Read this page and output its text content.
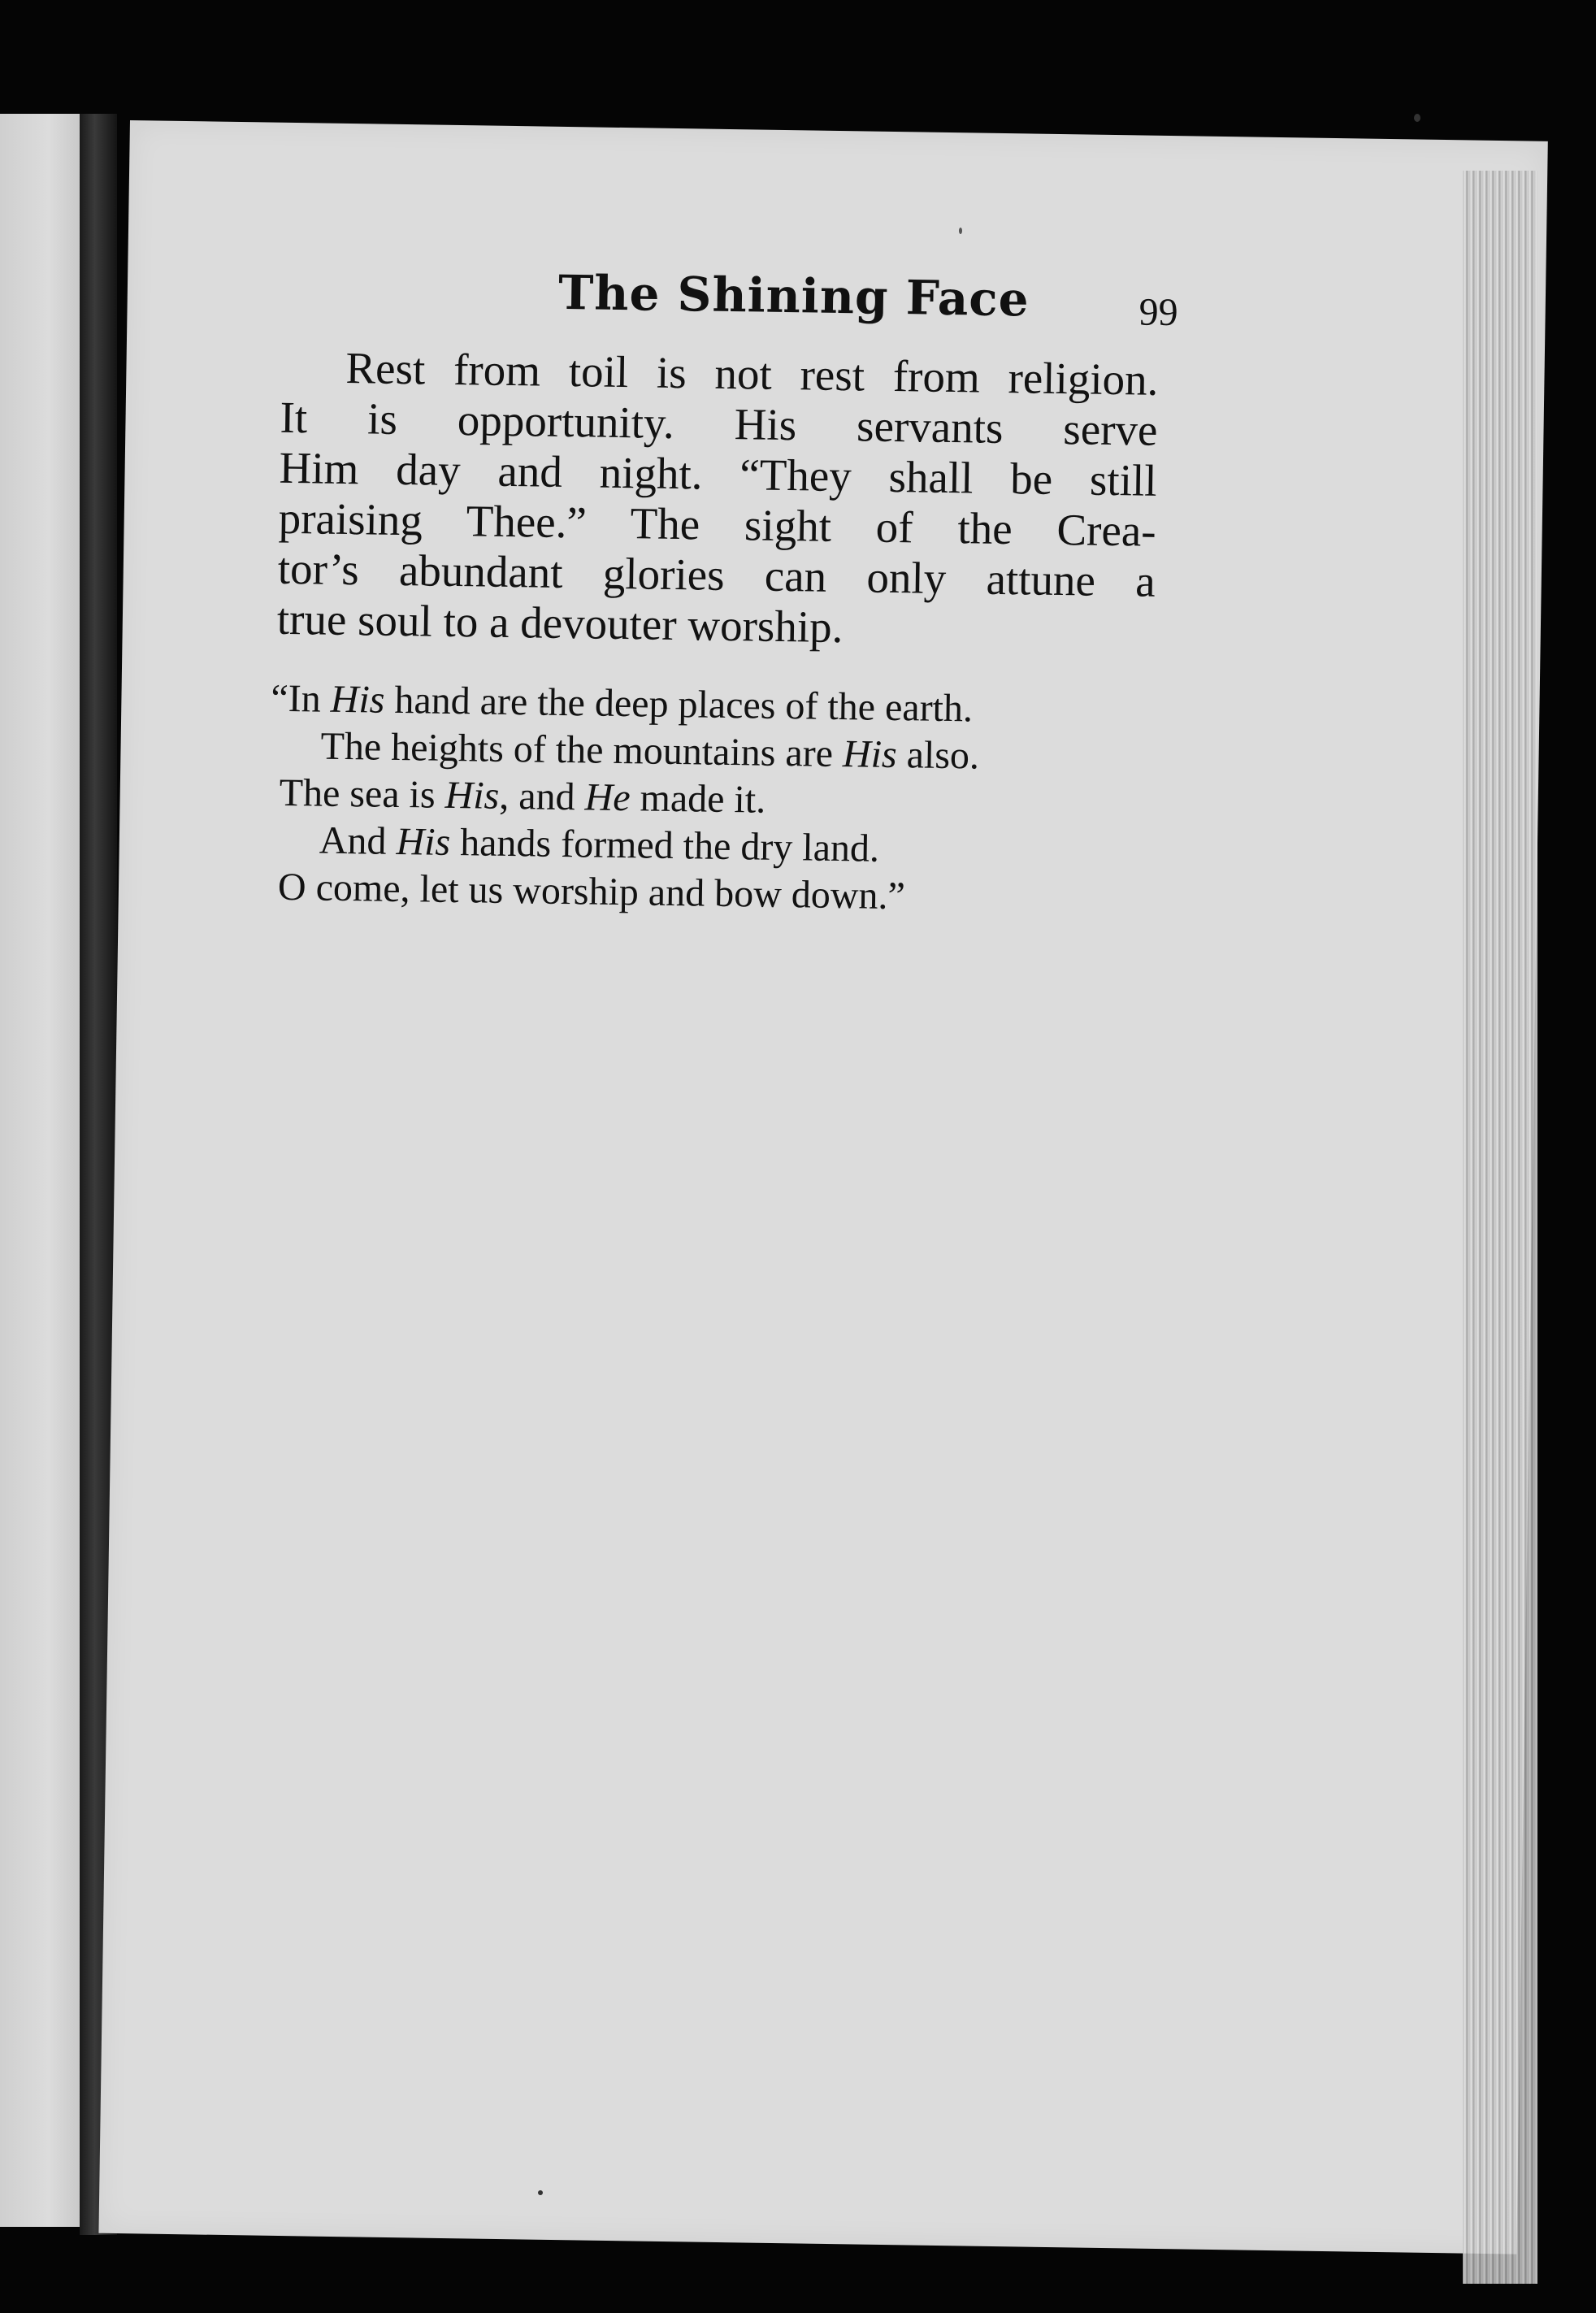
The Shining Face	99

Rest from toil is not rest from religion.
It is opportunity. His servants serve
Him day and night. “They shall be still
praising Thee.” The sight of the Crea-
tor’s abundant glories can only attune a
true soul to a devouter worship.

“In His hand are the deep places of the earth.
The heights of the mountains are His also.
The sea is His, and He made it.
And His hands formed the dry land.
O come, let us worship and bow down.”
